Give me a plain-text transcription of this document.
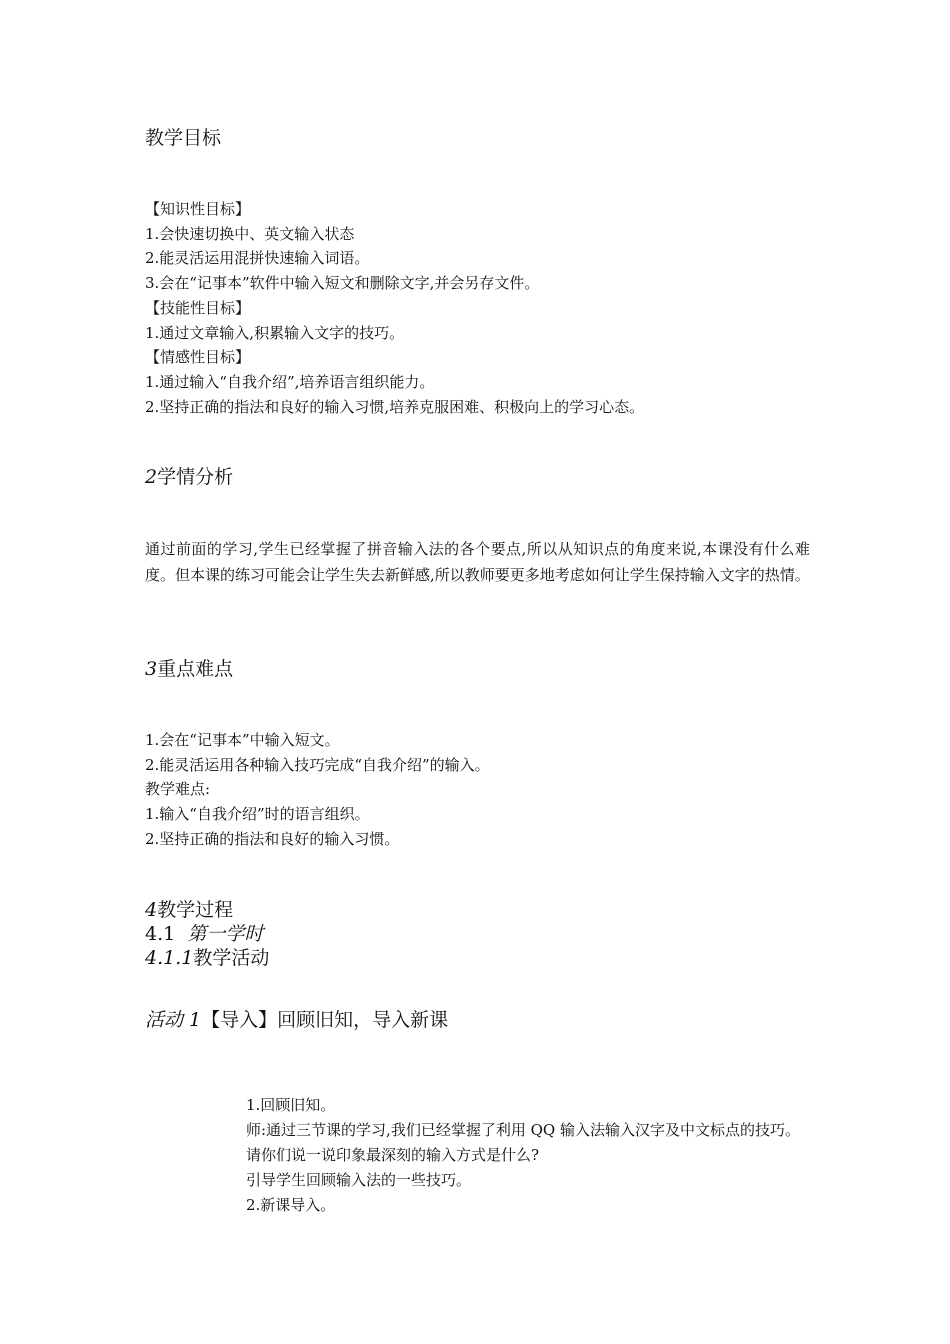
教学目标
【知识性目标】
1.会快速切换中、英文输入状态
2.能灵活运用混拼快速输入词语。
3.会在“记事本”软件中输入短文和删除文字,并会另存文件。
【技能性目标】
1.通过文章输入,积累输入文字的技巧。
【情感性目标】
1.通过输入“自我介绍”,培养语言组织能力。
2.坚持正确的指法和良好的输入习惯,培养克服困难、积极向上的学习心态。
2学情分析
通过前面的学习,学生已经掌握了拼音输入法的各个要点,所以从知识点的角度来说,本课没有什么难度。但本课的练习可能会让学生失去新鲜感,所以教师要更多地考虑如何让学生保持输入文字的热情。
3重点难点
1.会在“记事本”中输入短文。
2.能灵活运用各种输入技巧完成“自我介绍”的输入。
教学难点:
1.输入“自我介绍”时的语言组织。
2.坚持正确的指法和良好的输入习惯。
4教学过程
4.1 第一学时
4.1.1教学活动
活动 1【导入】回顾旧知，导入新课
1.回顾旧知。
师:通过三节课的学习,我们已经掌握了利用 QQ 输入法输入汉字及中文标点的技巧。请你们说一说印象最深刻的输入方式是什么?
引导学生回顾输入法的一些技巧。
2.新课导入。
